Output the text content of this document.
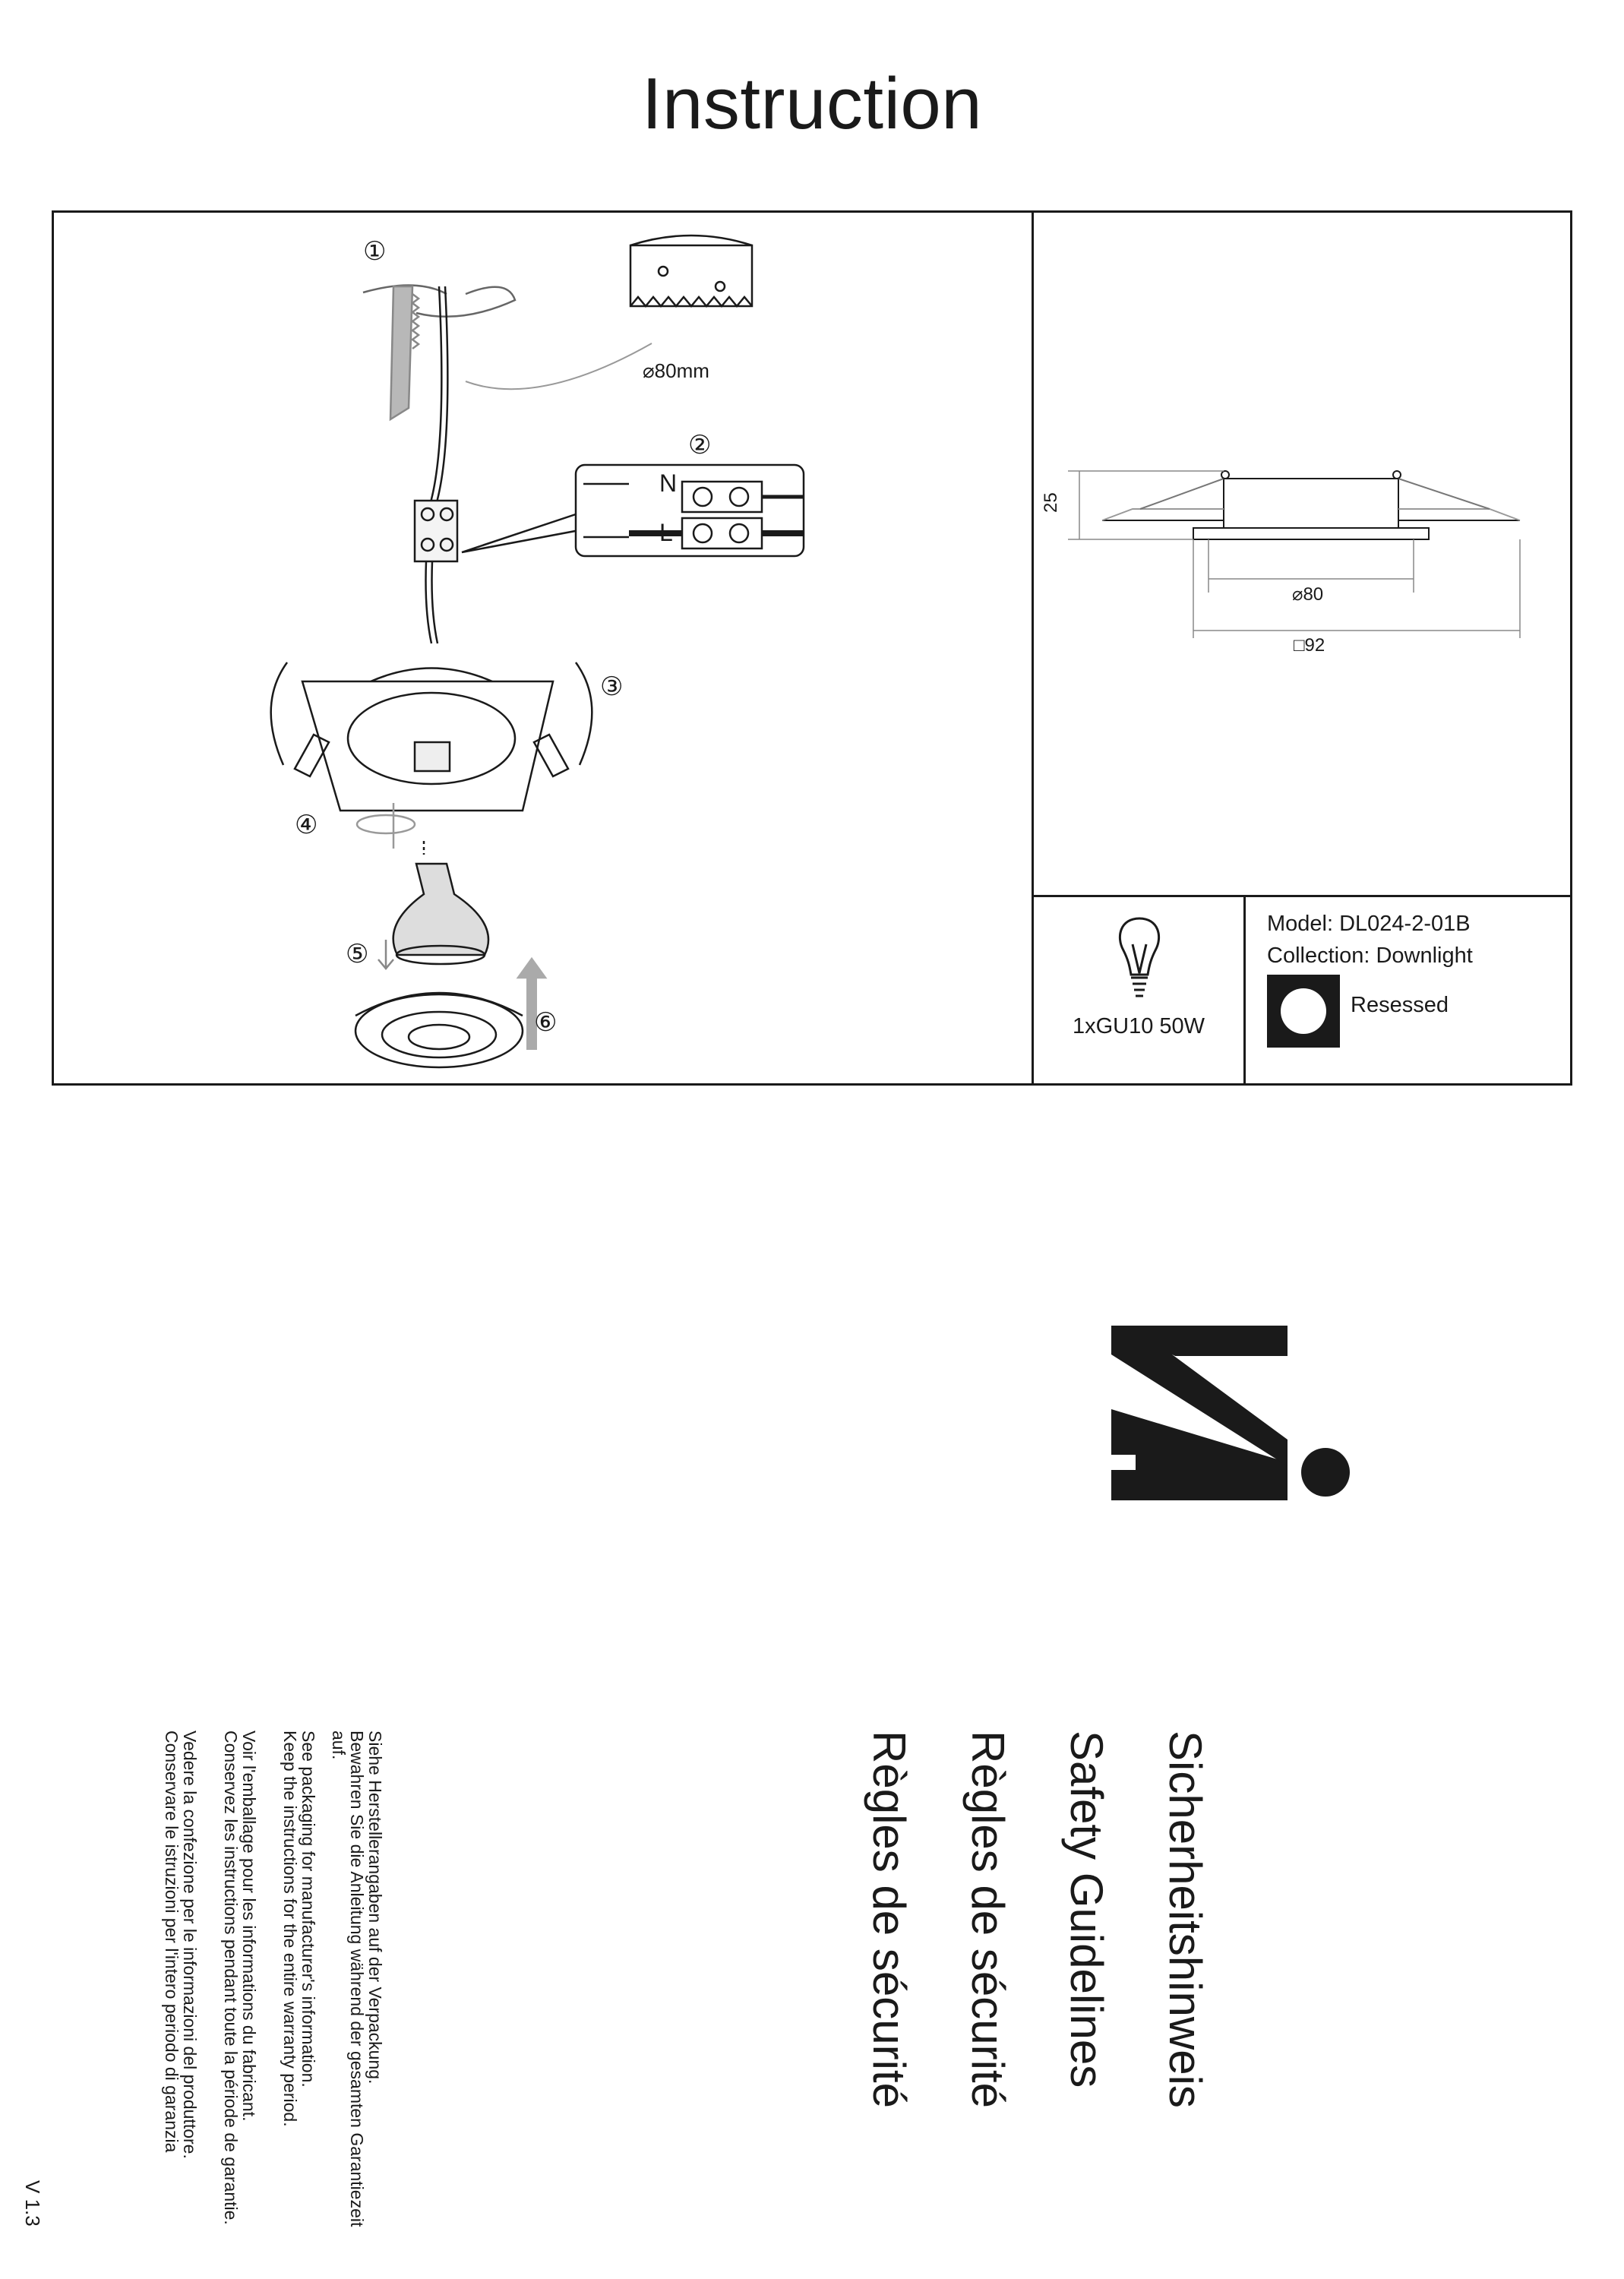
Instruction
①
②
③
④
⑤
⑥
⌀80mm
N
L
25
⌀80
□92
1xGU10 50W
Model: DL024-2-01B
Collection: Downlight
Resessed
Sicherheitshinweis
Safety Guidelines
Règles de sécurité
Règles de sécurité
Siehe Herstellerangaben auf der Verpackung.
Bewahren Sie die Anleitung während der gesamten Garantiezeit
auf.
See packaging for manufacturer's information.
Keep the instructions for the entire warranty period.
Voir l'emballage pour les informations du fabricant.
Conservez les instructions pendant toute la période de garantie.
Vedere la confezione per le informazioni del produttore.
Conservare le istruzioni per l'intero periodo di garanzia
V 1.3
